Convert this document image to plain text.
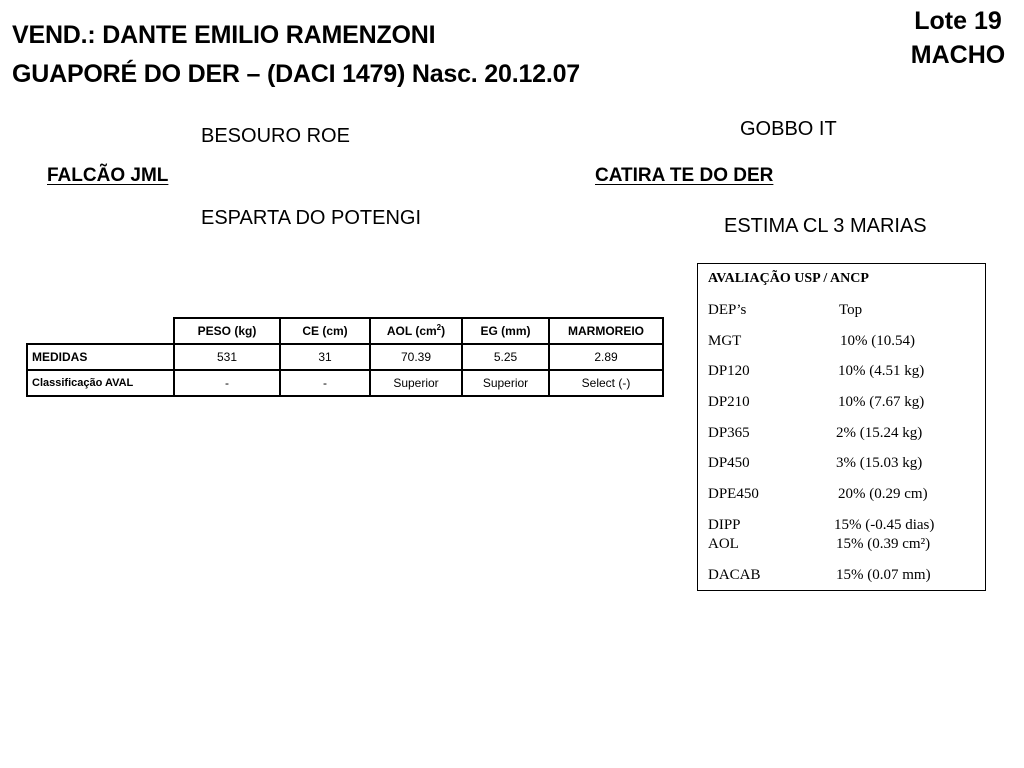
VEND.: DANTE EMILIO RAMENZONI
GUAPORÉ DO DER – (DACI 1479) Nasc. 20.12.07
Lote 19
MACHO
BESOURO ROE
FALCÃO JML
ESPARTA DO POTENGI
GOBBO IT
CATIRA TE DO DER
ESTIMA CL 3 MARIAS
	PESO (kg)	CE (cm)	AOL $(cm^2)$	EG (mm)	MARMOREIO
MEDIDAS	531	31	70.39	5.25	2.89
Classificação AVAL	-	-	Superior	Superior	Select (-)
AVALIAÇÃO USP / ANCP
DEP’s	Top
MGT	10% (10.54)
DP120	10% (4.51 kg)
DP210	10% (7.67 kg)
DP365	2% (15.24 kg)
DP450	3% (15.03 kg)
DPE450	20% (0.29 cm)
DIPP	15% (-0.45 dias)
AOL	15% (0.39 cm²)
DACAB	15% (0.07 mm)
